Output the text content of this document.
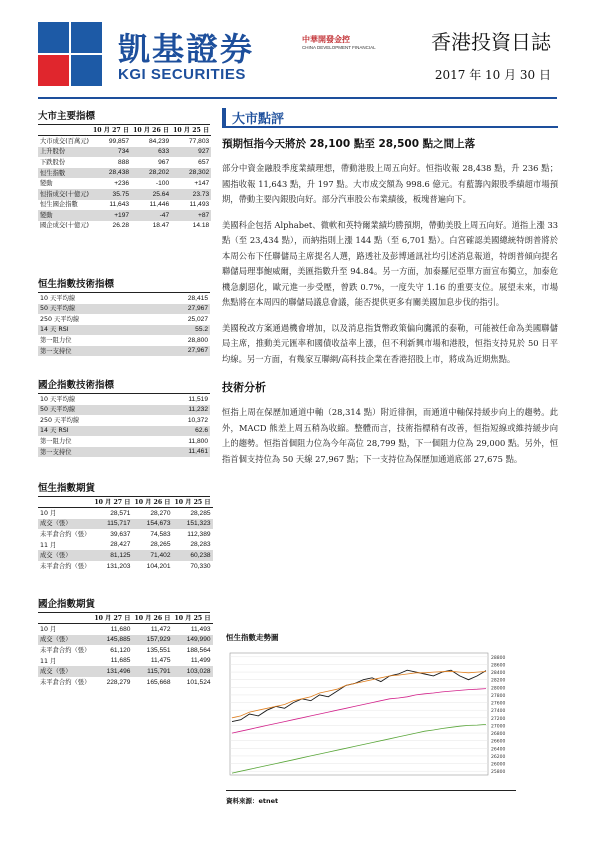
凱基證券
KGI SECURITIES
中華開發金控
CHINA DEVELOPMENT FINANCIAL	香港投資日誌
2017 年 10 月 30 日
大市主要指標
	10 月 27 日	10 月 26 日	10 月 25 日
大市成交(百萬元)	99,857	84,239	77,803
上升股份	734	633	927
下跌股份	888	967	657
恒生指數	28,438	28,202	28,302
變動	+236	-100	+147
恒指成交(十億元)	35.75	25.64	23.73
恒生國企指數	11,643	11,446	11,493
變動	+197	-47	+87
國企成交(十億元)	26.28	18.47	14.18
恒生指數技術指標
10 天平均線	28,415
50 天平均線	27,967
250 天平均線	25,027
14 天 RSI	55.2
第一阻力位	28,800
第一支持位	27,967
國企指數技術指標
10 天平均線	11,519
50 天平均線	11,232
250 天平均線	10,372
14 天 RSI	62.6
第一阻力位	11,800
第一支持位	11,461
恒生指數期貨
	10 月 27 日	10 月 26 日	10 月 25 日
10 月	28,571	28,270	28,285
成交（張）	115,717	154,673	151,323
未平倉合約（張）	39,637	74,583	112,389
11 月	28,427	28,265	28,283
成交（張）	81,125	71,402	60,238
未平倉合約（張）	131,203	104,201	70,330
國企指數期貨
	10 月 27 日	10 月 26 日	10 月 25 日
10 月	11,680	11,472	11,493
成交（張）	145,885	157,929	149,990
未平倉合約（張）	61,120	135,551	188,564
11 月	11,685	11,475	11,499
成交（張）	131,496	115,791	103,028
未平倉合約（張）	228,279	165,668	101,524
大市點評
預期恒指今天將於 28,100 點至 28,500 點之間上落

部分中資金融股季度業績理想，帶動港股上周五向好。恒指收報 28,438 點，升 236 點；國指收報 11,643 點，升 197 點。大市成交額為 998.6 億元。有藍籌內銀股季績超市場預期，帶動主要內銀股向好。部分汽車股公布業績後，板塊普遍向下。

美國科企包括 Alphabet、微軟和英特爾業績均勝預期，帶動美股上周五向好。道指上漲 33 點（至 23,434 點），而納指則上漲 144 點（至 6,701 點）。白宮確認美國總統特朗普將於本周公布下任聯儲局主席提名人選，路透社及彭博通訊社均引述消息報道，特朗普傾向提名聯儲局理事鮑威爾，美匯指數升至 94.84。另一方面，加泰羅尼亞單方面宣布獨立，加泰危機急劇惡化，歐元進一步受壓，曾跌 0.7%，一度失守 1.16 的重要支位。展望未來，市場焦點將在本周四的聯儲局議息會議，能否提供更多有關美國加息步伐的指引。

美國稅改方案通過機會增加，以及消息指貨幣政策偏向鷹派的泰勒，可能被任命為美國聯儲局主席，推動美元匯率和國債收益率上漲，但不利新興市場和港股，恒指支持見於 50 日平均線。另一方面，有幾家互聯網/高科技企業在香港招股上市，將成為近期焦點。

技術分析

恒指上周在保歷加通道中軸（28,314 點）附近徘徊，而通道中軸保持緩步向上的趨勢。此外，MACD 熊差上周五稍為收縮。整體而言，技術指標稍有改善，恒指短線或維持緩步向上的趨勢。恒指首個阻力位為今年高位 28,799 點，下一個阻力位為 29,000 點。另外，恒指首個支持位為 50 天線 27,967 點；下一支持位為保歷加通道底部 27,675 點。

恒生指數走勢圖
28800
28600
28400
28200
28000
27800
27600
27400
27200
27000
26800
26600
26400
26200
26000
25800
資料來源：etnet
